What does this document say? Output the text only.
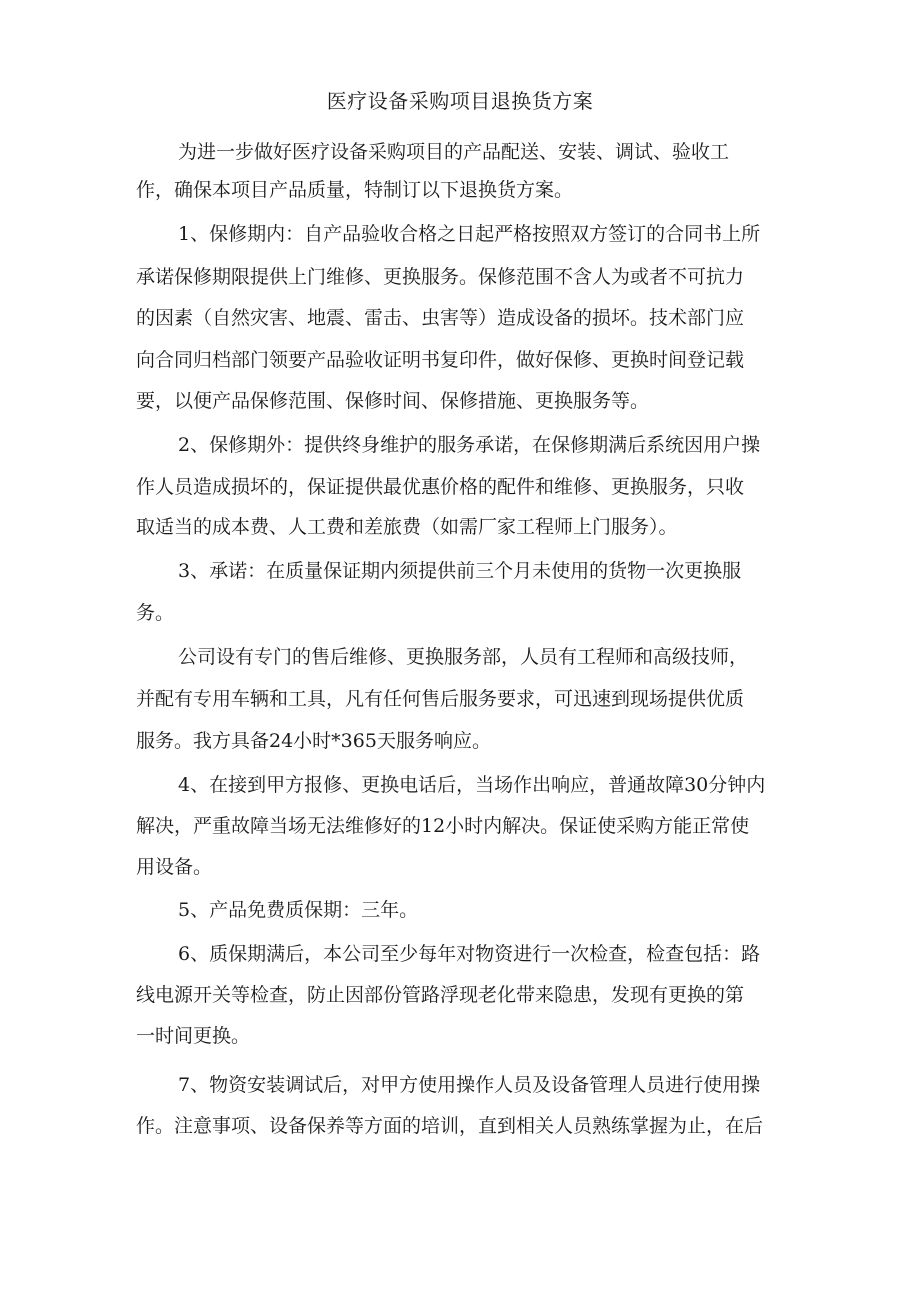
医疗设备采购项目退换货方案
为进一步做好医疗设备采购项目的产品配送、安装、调试、验收工
作，确保本项目产品质量，特制订以下退换货方案。
1、保修期内：自产品验收合格之日起严格按照双方签订的合同书上所
承诺保修期限提供上门维修、更换服务。保修范围不含人为或者不可抗力
的因素（自然灾害、地震、雷击、虫害等）造成设备的损坏。技术部门应
向合同归档部门领要产品验收证明书复印件，做好保修、更换时间登记载
要，以便产品保修范围、保修时间、保修措施、更换服务等。
2、保修期外：提供终身维护的服务承诺，在保修期满后系统因用户操
作人员造成损坏的，保证提供最优惠价格的配件和维修、更换服务，只收
取适当的成本费、人工费和差旅费（如需厂家工程师上门服务）。
3、承诺：在质量保证期内须提供前三个月未使用的货物一次更换服
务。
公司设有专门的售后维修、更换服务部，人员有工程师和高级技师，
并配有专用车辆和工具，凡有任何售后服务要求，可迅速到现场提供优质
服务。我方具备24小时*365天服务响应。
4、在接到甲方报修、更换电话后，当场作出响应，普通故障30分钟内
解决，严重故障当场无法维修好的12小时内解决。保证使采购方能正常使
用设备。
5、产品免费质保期：三年。
6、质保期满后，本公司至少每年对物资进行一次检查，检查包括：路
线电源开关等检查，防止因部份管路浮现老化带来隐患，发现有更换的第
一时间更换。
7、物资安装调试后，对甲方使用操作人员及设备管理人员进行使用操
作。注意事项、设备保养等方面的培训，直到相关人员熟练掌握为止，在后
